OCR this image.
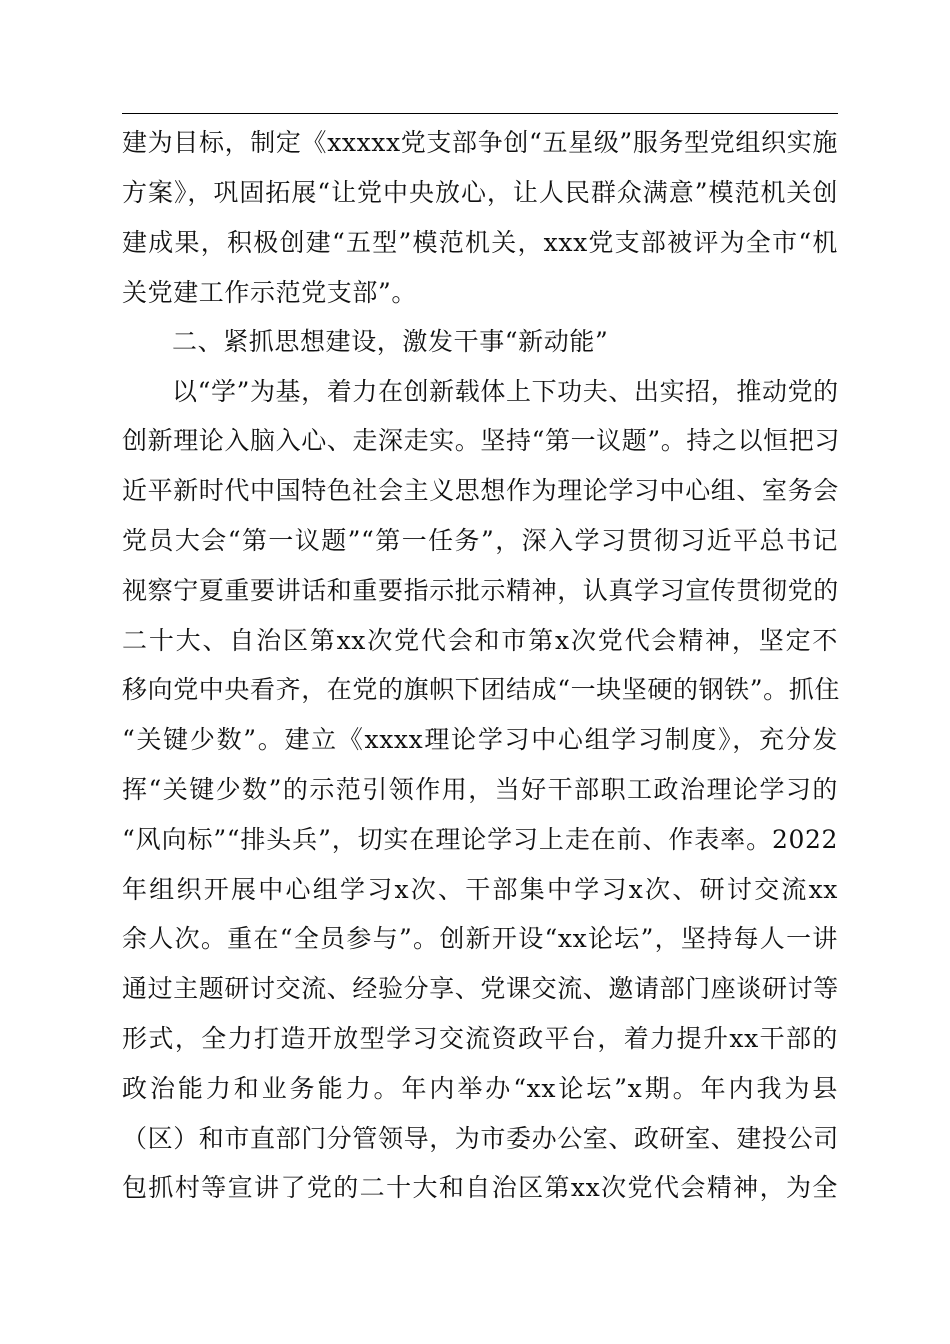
建为目标，制定《xxxxx党支部争创“五星级”服务型党组织实施
方案》，巩固拓展“让党中央放心，让人民群众满意”模范机关创
建成果，积极创建“五型”模范机关，xxx党支部被评为全市“机
关党建工作示范党支部”。
二、紧抓思想建设，激发干事“新动能”
以“学”为基，着力在创新载体上下功夫、出实招，推动党的
创新理论入脑入心、走深走实。坚持“第一议题”。持之以恒把习
近平新时代中国特色社会主义思想作为理论学习中心组、室务会
党员大会“第一议题”“第一任务”，深入学习贯彻习近平总书记
视察宁夏重要讲话和重要指示批示精神，认真学习宣传贯彻党的
二十大、自治区第xx次党代会和市第x次党代会精神，坚定不
移向党中央看齐，在党的旗帜下团结成“一块坚硬的钢铁”。抓住
“关键少数”。建立《xxxx理论学习中心组学习制度》，充分发
挥“关键少数”的示范引领作用，当好干部职工政治理论学习的
“风向标”“排头兵”，切实在理论学习上走在前、作表率。2022
年组织开展中心组学习x次、干部集中学习x次、研讨交流xx
余人次。重在“全员参与”。创新开设“xx论坛”，坚持每人一讲
通过主题研讨交流、经验分享、党课交流、邀请部门座谈研讨等
形式，全力打造开放型学习交流资政平台，着力提升xx干部的
政治能力和业务能力。年内举办“xx论坛”x期。年内我为县
（区）和市直部门分管领导，为市委办公室、政研室、建投公司
包抓村等宣讲了党的二十大和自治区第xx次党代会精神，为全
